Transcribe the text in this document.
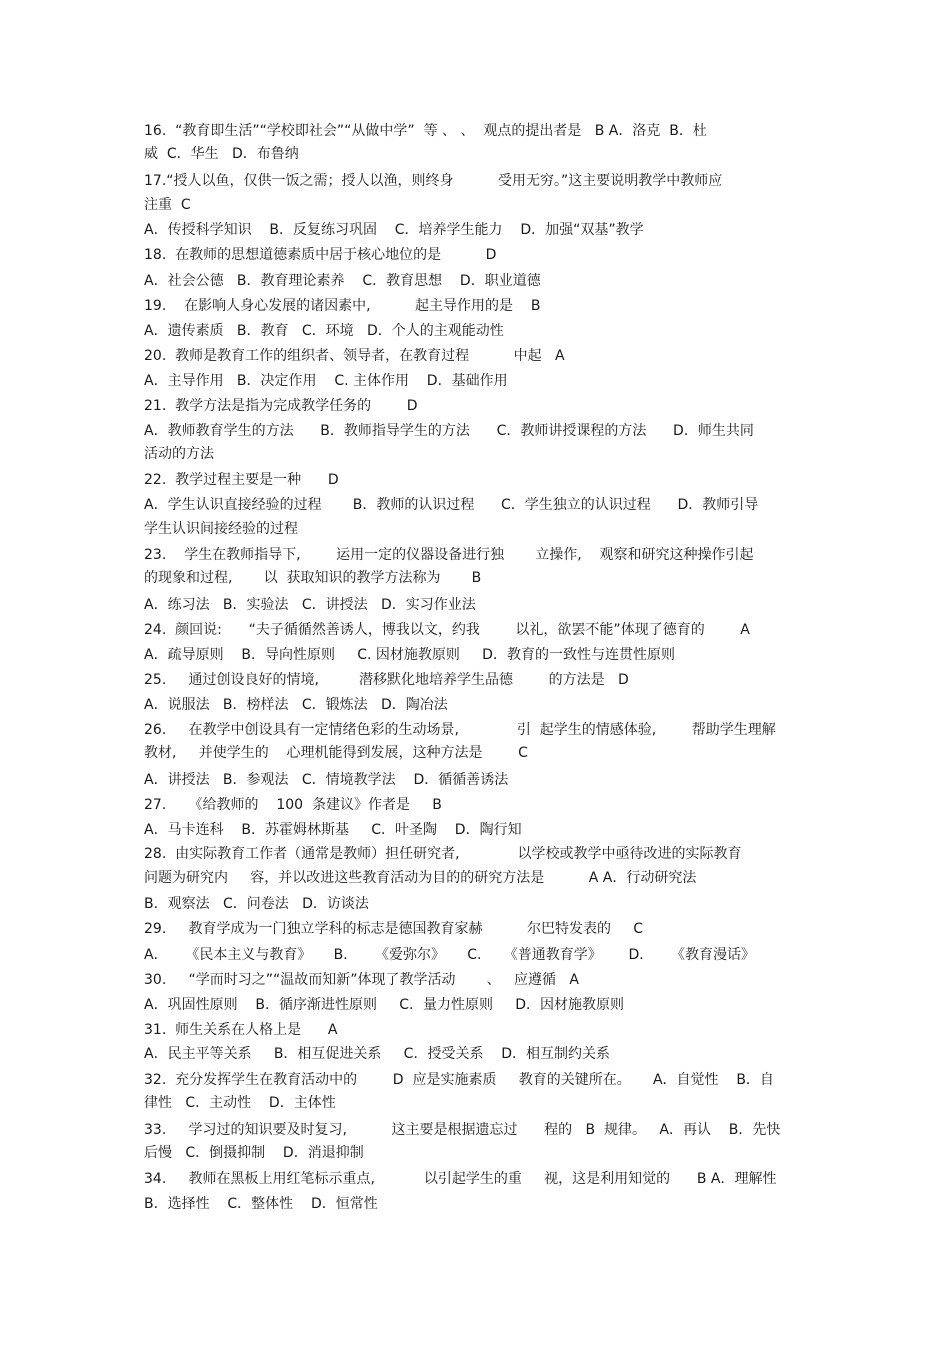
16.  “教育即生活”“学校即社会”“从做中学”  等 、 、  观点的提出者是   B A．洛克  B．杜
威  C．华生   D．布鲁纳
17.“授人以鱼，仅供一饭之需；授人以渔，则终身          受用无穷。”这主要说明教学中教师应
注重  C
A．传授科学知识    B．反复练习巩固    C．培养学生能力    D．加强“双基”教学
18.  在教师的思想道德素质中居于核心地位的是          D
A．社会公德   B．教育理论素养    C．教育思想    D．职业道德
19.    在影响人身心发展的诸因素中,          起主导作用的是    B
A．遗传素质   B．教育   C．环境   D．个人的主观能动性
20.  教师是教育工作的组织者、领导者，在教育过程          中起   A
A．主导作用   B．决定作用    C. 主体作用    D．基础作用
21.  教学方法是指为完成教学任务的        D
A．教师教育学生的方法      B．教师指导学生的方法      C．教师讲授课程的方法      D．师生共同
活动的方法
22.  教学过程主要是一种      D
A．学生认识直接经验的过程       B．教师的认识过程      C．学生独立的认识过程      D．教师引导
学生认识间接经验的过程
23.    学生在教师指导下,        运用一定的仪器设备进行独       立操作,    观察和研究这种操作引起
的现象和过程,       以  获取知识的教学方法称为       B
A．练习法   B．实验法   C．讲授法   D．实习作业法
24.  颜回说:      “夫子循循然善诱人，博我以文，约我        以礼，欲罢不能”体现了德育的        A
A．疏导原则    B．导向性原则     C. 因材施教原则     D．教育的一致性与连贯性原则
25.     通过创设良好的情境,         潜移默化地培养学生品德        的方法是   D
A．说服法   B．榜样法   C．锻炼法   D．陶冶法
26.     在教学中创设具有一定情绪色彩的生动场景,             引  起学生的情感体验,        帮助学生理解
教材,     并使学生的    心理机能得到发展，这种方法是        C
A．讲授法   B．参观法   C．情境教学法    D．循循善诱法
27.     《给教师的    100  条建议》作者是     B
A．马卡连科    B．苏霍姆林斯基     C．叶圣陶    D．陶行知
28.  由实际教育工作者（通常是教师）担任研究者,             以学校或教学中亟待改进的实际教育
问题为研究内     容，并以改进这些教育活动为目的的研究方法是          A A．行动研究法
B．观察法   C．问卷法   D．访谈法
29.     教育学成为一门独立学科的标志是德国教育家赫          尔巴特发表的     C
A．    《民本主义与教育》     B．    《爱弥尔》     C.     《普通教育学》      D．    《教育漫话》
30.     “学而时习之”“温故而知新”体现了教学活动       、   应遵循   A
A．巩固性原则    B．循序渐进性原则     C．量力性原则     D．因材施教原则
31.  师生关系在人格上是      A
A．民主平等关系     B．相互促进关系     C．授受关系    D．相互制约关系
32.  充分发挥学生在教育活动中的        D  应是实施素质     教育的关键所在。     A．自觉性    B．自
律性   C．主动性    D．主体性
33.     学习过的知识要及时复习,          这主要是根据遗忘过      程的   B  规律。   A．再认    B．先快
后慢   C．倒摄抑制    D．消退抑制
34.     教师在黑板上用红笔标示重点,           以引起学生的重     视，这是利用知觉的      B A．理解性
B．选择性    C．整体性    D．恒常性
